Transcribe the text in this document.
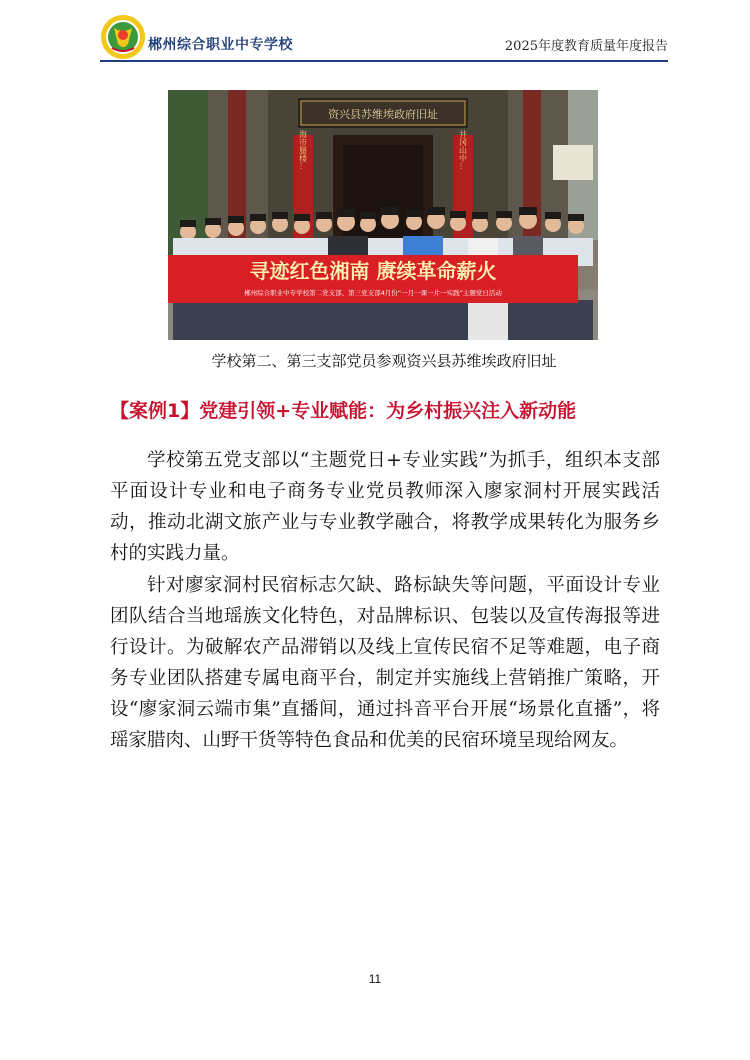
郴州综合职业中专学校	2025年度教育质量年度报告
资兴县苏维埃政府旧址
海市蜃楼…	井冈山中…
寻迹红色湘南 赓续革命薪火
郴州综合职业中专学校第二党支部、第三党支部4月份“一月一课一片一实践”主题党日活动
学校第二、第三支部党员参观资兴县苏维埃政府旧址
【案例1】党建引领+专业赋能：为乡村振兴注入新动能

学校第五党支部以“主题党日+专业实践”为抓手，组织本支部平面设计专业和电子商务专业党员教师深入廖家洞村开展实践活动，推动北湖文旅产业与专业教学融合，将教学成果转化为服务乡村的实践力量。

针对廖家洞村民宿标志欠缺、路标缺失等问题，平面设计专业团队结合当地瑶族文化特色，对品牌标识、包装以及宣传海报等进行设计。为破解农产品滞销以及线上宣传民宿不足等难题，电子商务专业团队搭建专属电商平台，制定并实施线上营销推广策略，开设“廖家洞云端市集”直播间，通过抖音平台开展“场景化直播”，将瑶家腊肉、山野干货等特色食品和优美的民宿环境呈现给网友。

11
